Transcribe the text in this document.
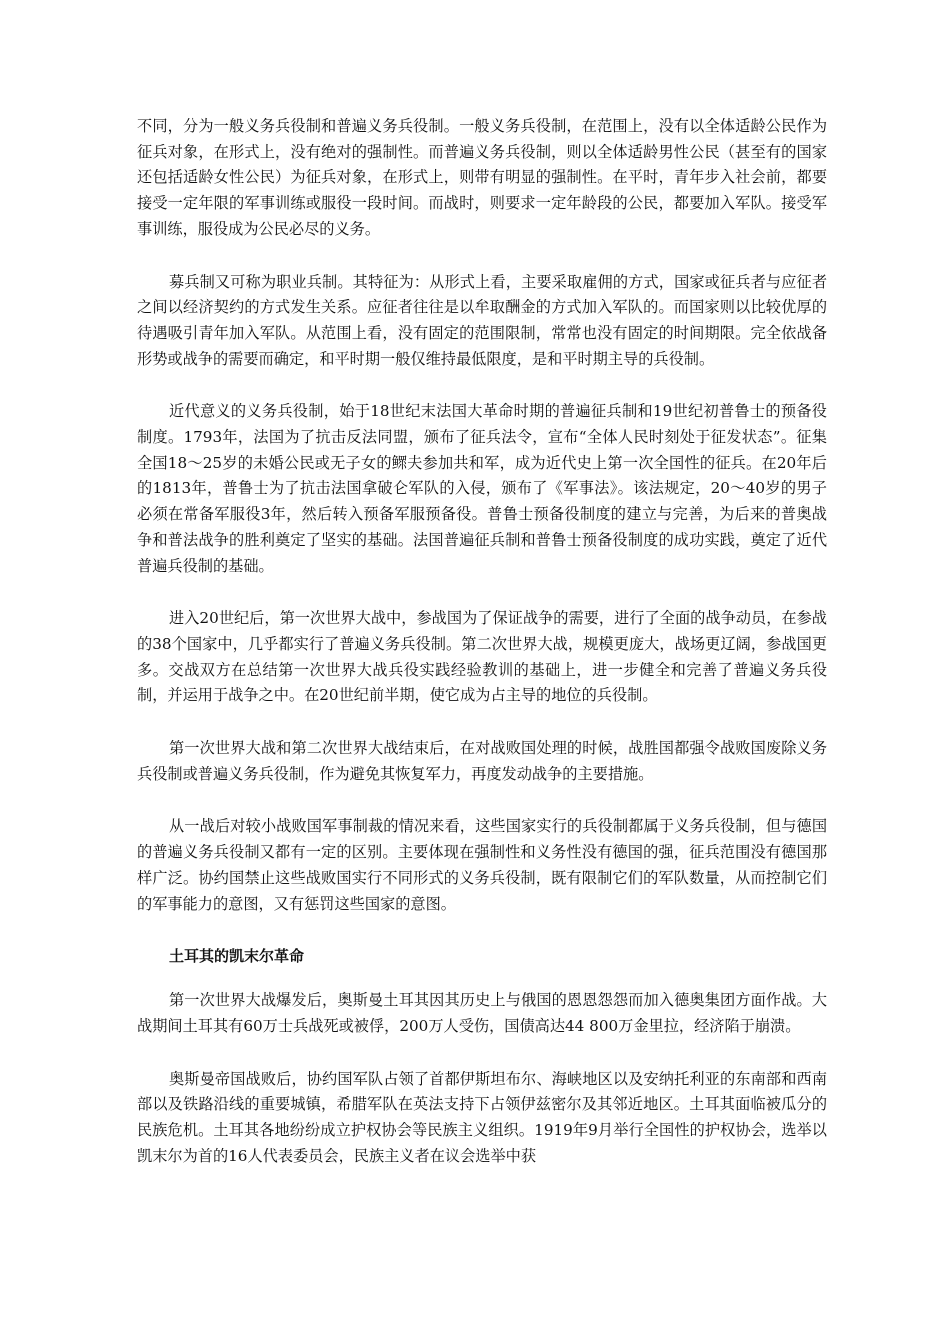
不同，分为一般义务兵役制和普遍义务兵役制。一般义务兵役制，在范围上，没有以全体适龄公民作为征兵对象，在形式上，没有绝对的强制性。而普遍义务兵役制，则以全体适龄男性公民（甚至有的国家还包括适龄女性公民）为征兵对象，在形式上，则带有明显的强制性。在平时，青年步入社会前，都要接受一定年限的军事训练或服役一段时间。而战时，则要求一定年龄段的公民，都要加入军队。接受军事训练，服役成为公民必尽的义务。

募兵制又可称为职业兵制。其特征为：从形式上看，主要采取雇佣的方式，国家或征兵者与应征者之间以经济契约的方式发生关系。应征者往往是以牟取酬金的方式加入军队的。而国家则以比较优厚的待遇吸引青年加入军队。从范围上看，没有固定的范围限制，常常也没有固定的时间期限。完全依战备形势或战争的需要而确定，和平时期一般仅维持最低限度，是和平时期主导的兵役制。

近代意义的义务兵役制，始于18世纪末法国大革命时期的普遍征兵制和19世纪初普鲁士的预备役制度。1793年，法国为了抗击反法同盟，颁布了征兵法令，宣布“全体人民时刻处于征发状态”。征集全国18～25岁的未婚公民或无子女的鳏夫参加共和军，成为近代史上第一次全国性的征兵。在20年后的1813年，普鲁士为了抗击法国拿破仑军队的入侵，颁布了《军事法》。该法规定，20～40岁的男子必须在常备军服役3年，然后转入预备军服预备役。普鲁士预备役制度的建立与完善，为后来的普奥战争和普法战争的胜利奠定了坚实的基础。法国普遍征兵制和普鲁士预备役制度的成功实践，奠定了近代普遍兵役制的基础。

进入20世纪后，第一次世界大战中，参战国为了保证战争的需要，进行了全面的战争动员，在参战的38个国家中，几乎都实行了普遍义务兵役制。第二次世界大战，规模更庞大，战场更辽阔，参战国更多。交战双方在总结第一次世界大战兵役实践经验教训的基础上，进一步健全和完善了普遍义务兵役制，并运用于战争之中。在20世纪前半期，使它成为占主导的地位的兵役制。

第一次世界大战和第二次世界大战结束后，在对战败国处理的时候，战胜国都强令战败国废除义务兵役制或普遍义务兵役制，作为避免其恢复军力，再度发动战争的主要措施。

从一战后对较小战败国军事制裁的情况来看，这些国家实行的兵役制都属于义务兵役制，但与德国的普遍义务兵役制又都有一定的区别。主要体现在强制性和义务性没有德国的强，征兵范围没有德国那样广泛。协约国禁止这些战败国实行不同形式的义务兵役制，既有限制它们的军队数量，从而控制它们的军事能力的意图，又有惩罚这些国家的意图。

土耳其的凯末尔革命

第一次世界大战爆发后，奥斯曼土耳其因其历史上与俄国的恩恩怨怨而加入德奥集团方面作战。大战期间土耳其有60万士兵战死或被俘，200万人受伤，国债高达44 800万金里拉，经济陷于崩溃。

奥斯曼帝国战败后，协约国军队占领了首都伊斯坦布尔、海峡地区以及安纳托利亚的东南部和西南部以及铁路沿线的重要城镇，希腊军队在英法支持下占领伊兹密尔及其邻近地区。土耳其面临被瓜分的民族危机。土耳其各地纷纷成立护权协会等民族主义组织。1919年9月举行全国性的护权协会，选举以凯末尔为首的16人代表委员会，民族主义者在议会选举中获
